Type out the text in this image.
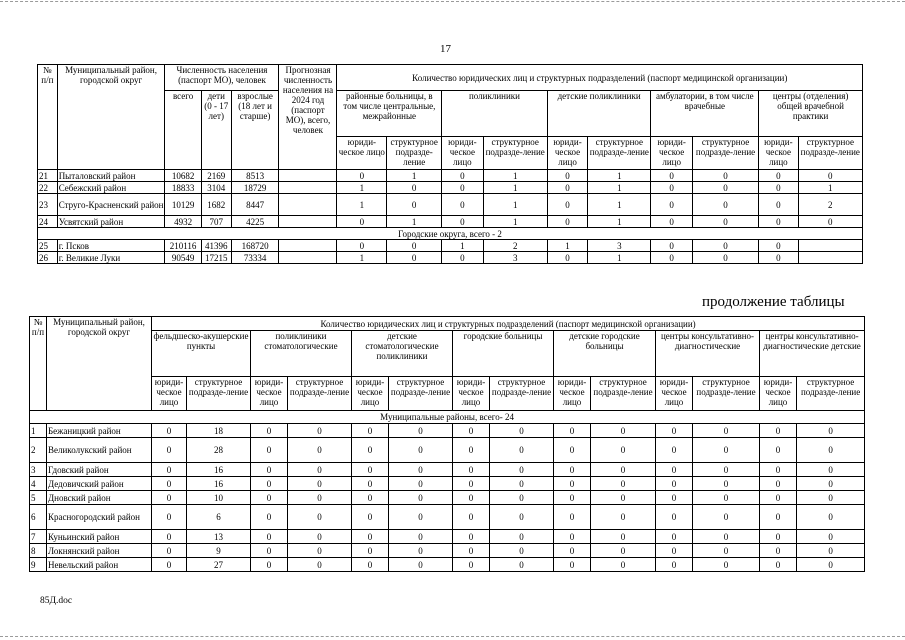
17
№ п/п	Муниципальный район, городской округ	Численность населения (паспорт МО), человек			Прогнозная численность населения на 2024 год (паспорт МО), всего, человек	Количество юридических лиц и структурных подразделений (паспорт медицинской организации)									
		всего	дети (0 - 17 лет)	взрослые (18 лет и старше)		районные больницы, в том числе центральные, межрайонные		поликлиники		детские поликлиники		амбулатории, в том числе врачебные		центры (отделения) общей врачебной практики	
						юриди-ческое лицо	структурное подразде-ление	юриди-ческое лицо	структурное подразде-ление	юриди-ческое лицо	структурное подразде-ление	юриди-ческое лицо	структурное подразде-ление	юриди-ческое лицо	структурное подразде-ление
21	Пыталовский район	10682	2169	8513		0	1	0	1	0	1	0	0	0	0
22	Себежский район	18833	3104	18729		1	0	0	1	0	1	0	0	0	1
23	Струго-Красненский район	10129	1682	8447		1	0	0	1	0	1	0	0	0	2
24	Усвятский район	4932	707	4225		0	1	0	1	0	1	0	0	0	0
Городские округа, всего - 2															
25	г. Псков	210116	41396	168720		0	0	1	2	1	3	0	0	0	
26	г. Великие Луки	90549	17215	73334		1	0	0	3	0	1	0	0	0	
продолжение таблицы
№ п/п	Муниципальный район, городской округ	Количество юридических лиц и структурных подразделений (паспорт медицинской организации)													
		фельдшеско-акушерские пункты		поликлиники стоматологические		детские стоматологические поликлиники		городские больницы		детские городские больницы		центры консультативно-диагностические		центры консультативно-диагностические детские	
		юриди-ческое лицо	структурное подразде-ление	юриди-ческое лицо	структурное подразде-ление	юриди-ческое лицо	структурное подразде-ление	юриди-ческое лицо	структурное подразде-ление	юриди-ческое лицо	структурное подразде-ление	юриди-ческое лицо	структурное подразде-ление	юриди-ческое лицо	структурное подразде-ление
Муниципальные районы, всего- 24															
1	Бежаницкий район	0	18	0	0	0	0	0	0	0	0	0	0	0	0
2	Великолукский район	0	28	0	0	0	0	0	0	0	0	0	0	0	0
3	Гдовский район	0	16	0	0	0	0	0	0	0	0	0	0	0	0
4	Дедовичский район	0	16	0	0	0	0	0	0	0	0	0	0	0	0
5	Дновский район	0	10	0	0	0	0	0	0	0	0	0	0	0	0
6	Красногородский район	0	6	0	0	0	0	0	0	0	0	0	0	0	0
7	Куньинский район	0	13	0	0	0	0	0	0	0	0	0	0	0	0
8	Локнянский район	0	9	0	0	0	0	0	0	0	0	0	0	0	0
9	Невельский район	0	27	0	0	0	0	0	0	0	0	0	0	0	0
85Д.doc
